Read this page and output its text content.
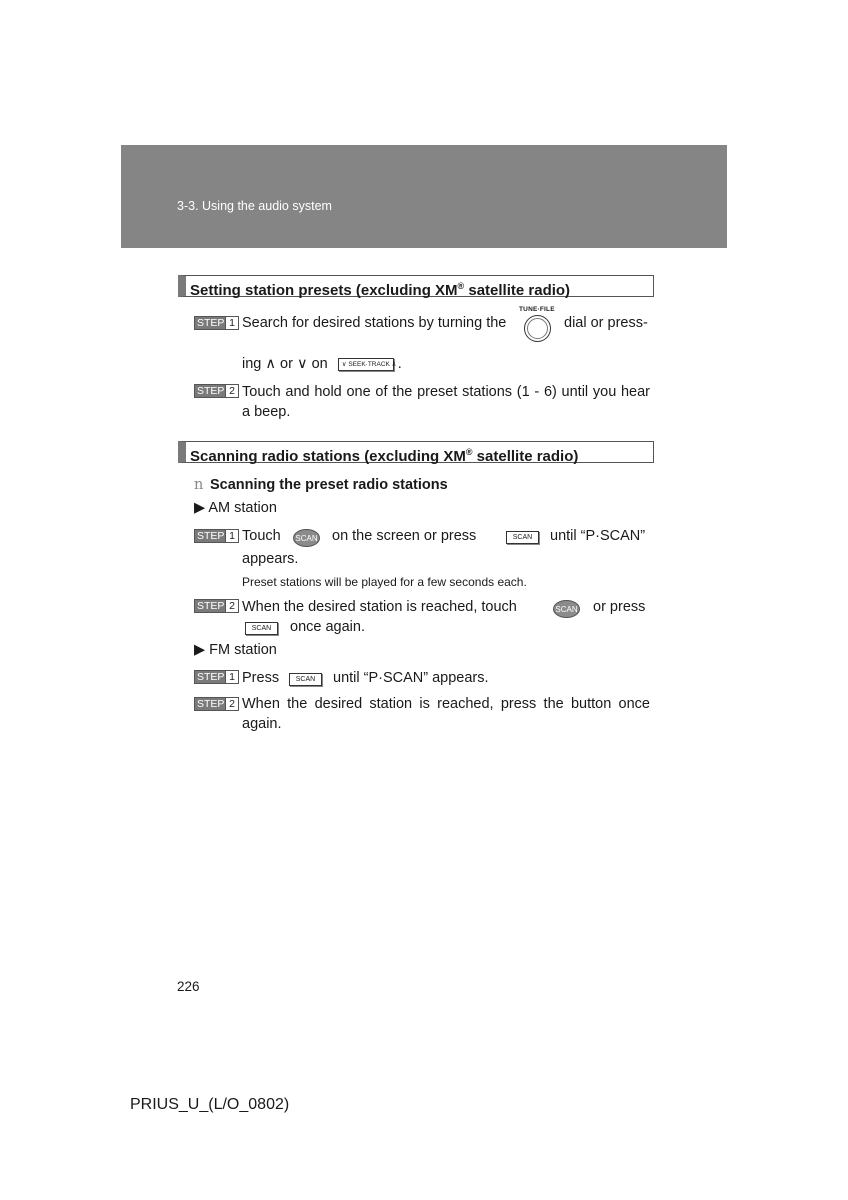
3-3. Using the audio system
Setting station presets (excluding XM® satellite radio)
STEP 1 Search for desired stations by turning the
TUNE·FILE
dial or press-
ing ∧ or ∨ on ∨ SEEK·TRACK ∧ .
STEP 2 Touch and hold one of the preset stations (1 - 6) until you hear a beep.
Scanning radio stations (excluding XM® satellite radio)
n Scanning the preset radio stations
▶ AM station
STEP 1 Touch SCAN on the screen or press	SCAN	until “P·SCAN”
appears.
Preset stations will be played for a few seconds each.
STEP 2 When the desired station is reached, touch	SCAN or press
SCAN	once again.
▶ FM station
STEP 1 Press	SCAN	until “P·SCAN” appears.
STEP 2 When the desired station is reached, press the button once again.
226
PRIUS_U_(L/O_0802)
